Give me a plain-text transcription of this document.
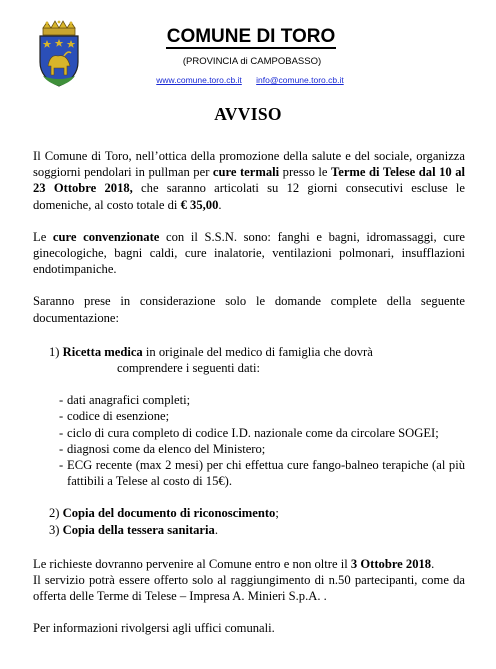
COMUNE DI TORO
(PROVINCIA di CAMPOBASSO)
www.comune.toro.cb.it info@comune.toro.cb.it
AVVISO

Il Comune di Toro, nell’ottica della promozione della salute e del sociale, organizza soggiorni pendolari in pullman per cure termali presso le Terme di Telese dal 10 al 23 Ottobre 2018, che saranno articolati su 12 giorni consecutivi escluse le domeniche, al costo totale di € 35,00.

Le cure convenzionate con il S.S.N. sono: fanghi e bagni, idromassaggi, cure ginecologiche, bagni caldi, cure inalatorie, ventilazioni polmonari, insufflazioni endotimpaniche.

Saranno prese in considerazione solo le domande complete della seguente documentazione:

1) Ricetta medica in originale del medico di famiglia che dovrà

comprendere i seguenti dati:

- dati anagrafici completi;
- codice di esenzione;
- ciclo di cura completo di codice I.D. nazionale come da circolare SOGEI;
- diagnosi come da elenco del Ministero;
- ECG recente (max 2 mesi) per chi effettua cure fango-balneo terapiche (al più fattibili a Telese al costo di 15€).

2) Copia del documento di riconoscimento;

3) Copia della tessera sanitaria.

Le richieste dovranno pervenire al Comune entro e non oltre il 3 Ottobre 2018.

Il servizio potrà essere offerto solo al raggiungimento di n.50 partecipanti, come da offerta delle Terme di Telese – Impresa A. Minieri S.p.A. .

Per informazioni rivolgersi agli uffici comunali.
